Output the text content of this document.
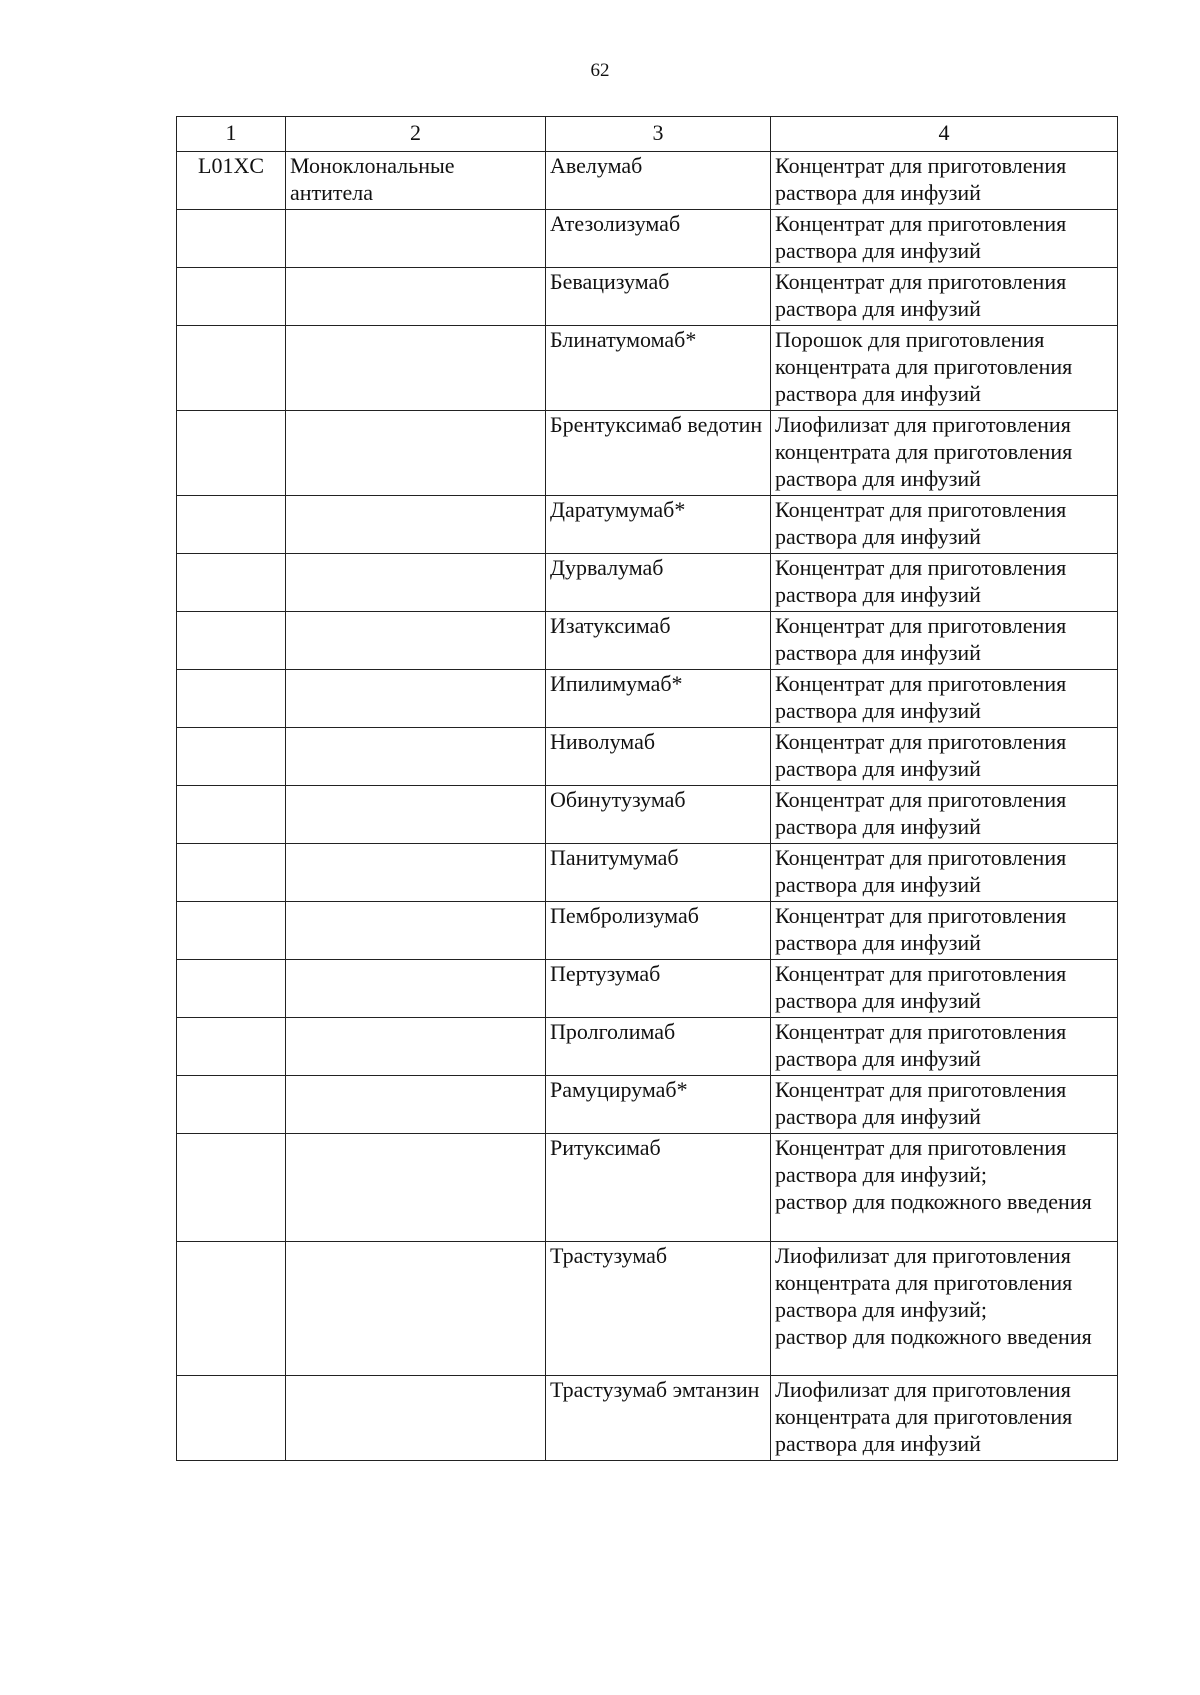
62
1	2	3	4
L01XC	Моноклональные антитела	Авелумаб	Концентрат для приготовления раствора для инфузий
		Атезолизумаб	Концентрат для приготовления раствора для инфузий
		Бевацизумаб	Концентрат для приготовления раствора для инфузий
		Блинатумомаб*	Порошок для приготовления концентрата для приготовления раствора для инфузий
		Брентуксимаб ведотин	Лиофилизат для приготовления концентрата для приготовления раствора для инфузий
		Даратумумаб*	Концентрат для приготовления раствора для инфузий
		Дурвалумаб	Концентрат для приготовления раствора для инфузий
		Изатуксимаб	Концентрат для приготовления раствора для инфузий
		Ипилимумаб*	Концентрат для приготовления раствора для инфузий
		Ниволумаб	Концентрат для приготовления раствора для инфузий
		Обинутузумаб	Концентрат для приготовления раствора для инфузий
		Панитумумаб	Концентрат для приготовления раствора для инфузий
		Пембролизумаб	Концентрат для приготовления раствора для инфузий
		Пертузумаб	Концентрат для приготовления раствора для инфузий
		Пролголимаб	Концентрат для приготовления раствора для инфузий
		Рамуцирумаб*	Концентрат для приготовления раствора для инфузий
		Ритуксимаб	Концентрат для приготовления раствора для инфузий;
раствор для подкожного введения
		Трастузумаб	Лиофилизат для приготовления концентрата для приготовления раствора для инфузий;
раствор для подкожного введения
		Трастузумаб эмтанзин	Лиофилизат для приготовления концентрата для приготовления раствора для инфузий
